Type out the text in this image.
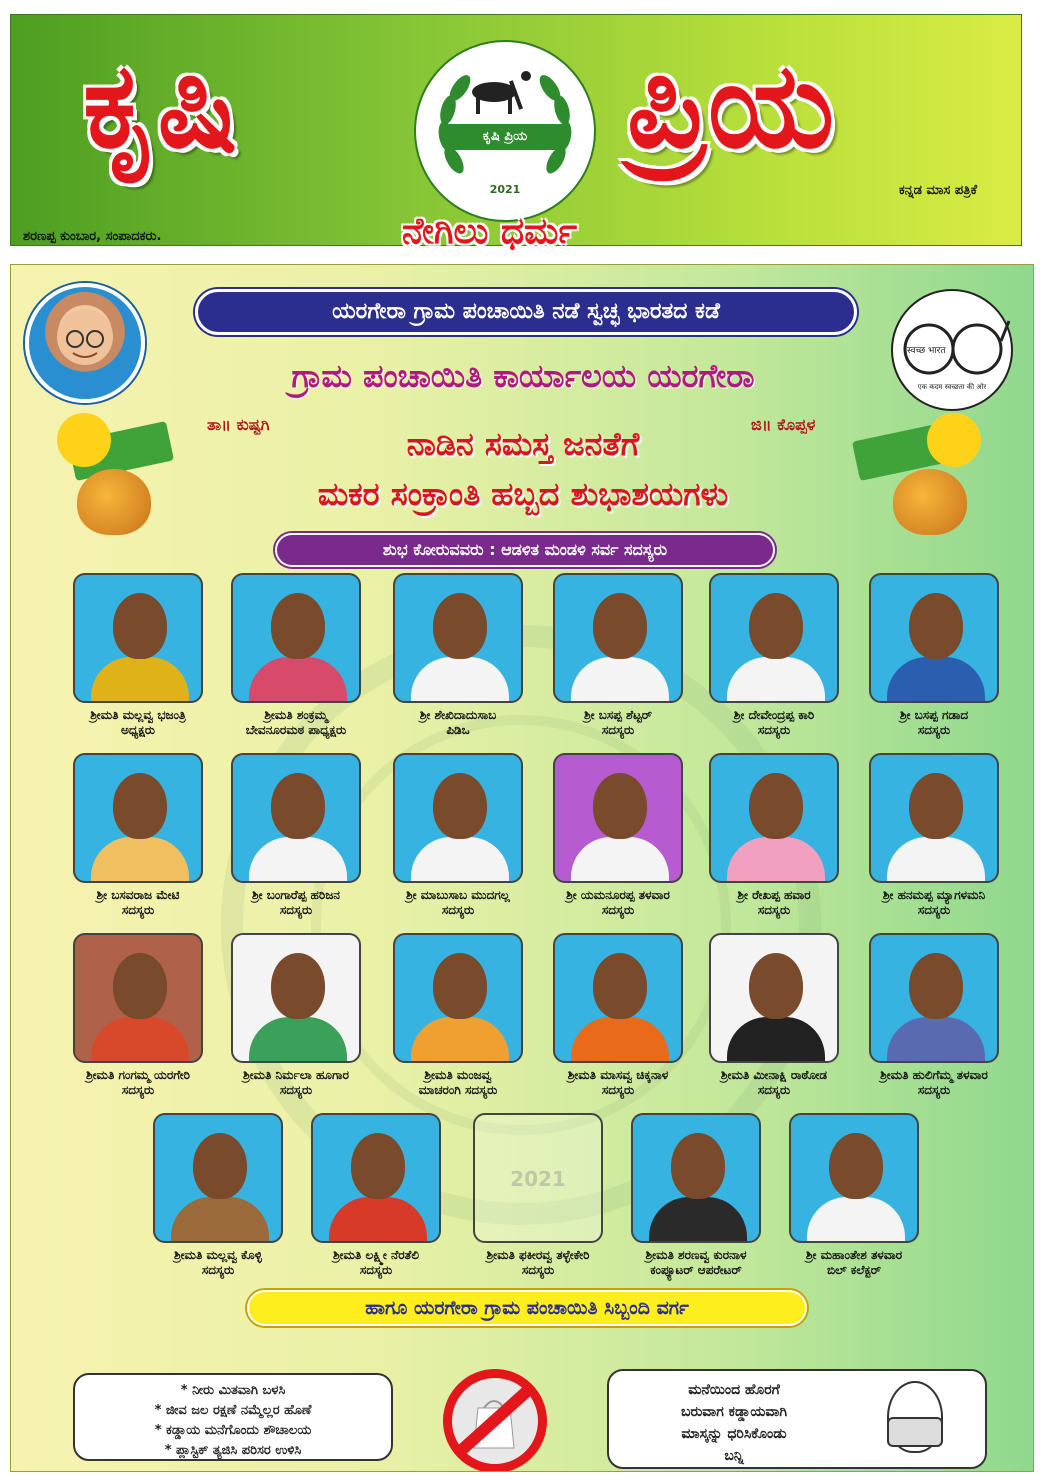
ಕೃಷಿ	ಕೃಷಿ ಪ್ರಿಯ
2021
ಪ್ರಿಯ
ಕನ್ನಡ ಮಾಸ ಪತ್ರಿಕೆ
ಶರಣಪ್ಪ ಕುಂಬಾರ, ಸಂಪಾದಕರು.	ನೇಗಿಲು ಧರ್ಮ
ಯರಗೇರಾ ಗ್ರಾಮ ಪಂಚಾಯಿತಿ ನಡೆ ಸ್ವಚ್ಛ ಭಾರತದ ಕಡೆ
स्वच्छ भारत
एक कदम स्वच्छता की ओर
ಗ್ರಾಮ ಪಂಚಾಯಿತಿ ಕಾರ್ಯಾಲಯ ಯರಗೇರಾ
ತಾ॥ ಕುಷ್ಟಗಿ	ಜಿ॥ ಕೊಪ್ಪಳ
ನಾಡಿನ ಸಮಸ್ತ ಜನತೆಗೆ
ಮಕರ ಸಂಕ್ರಾಂತಿ ಹಬ್ಬದ ಶುಭಾಶಯಗಳು
ಶುಭ ಕೋರುವವರು : ಆಡಳಿತ ಮಂಡಳಿ ಸರ್ವ ಸದಸ್ಯರು
ಶ್ರೀಮತಿ ಮಲ್ಲವ್ವ ಭಜಂತ್ರಿ
ಅಧ್ಯಕ್ಷರು
ಶ್ರೀಮತಿ ಶಂಕ್ರಮ್ಮ
ಬೇವನೂರಮಠ ಪಾಧ್ಯಕ್ಷರು
ಶ್ರೀ ಶೇಖಿದಾದುಸಾಬ
ಪಿಡಿಒ
ಶ್ರೀ ಬಸಪ್ಪ ಶೆಟ್ಟರ್
ಸದಸ್ಯರು
ಶ್ರೀ ದೇವೇಂದ್ರಪ್ಪ ಕಾರಿ
ಸದಸ್ಯರು
ಶ್ರೀ ಬಸಪ್ಪ ಗಡಾದ
ಸದಸ್ಯರು
ಶ್ರೀ ಬಸವರಾಜ ಮೇಟಿ
ಸದಸ್ಯರು
ಶ್ರೀ ಬಂಗಾರೆಪ್ಪ ಹರಿಜನ
ಸದಸ್ಯರು
ಶ್ರೀ ಮಾಬುಸಾಬ ಮುದಗಲ್ಲ
ಸದಸ್ಯರು
ಶ್ರೀ ಯಮನೂರಪ್ಪ ತಳವಾರ
ಸದಸ್ಯರು
ಶ್ರೀ ರೇಖಪ್ಪ ಹವಾರ
ಸದಸ್ಯರು
ಶ್ರೀ ಹನಮಪ್ಪ ಮ್ಯಾಗಳಮನಿ
ಸದಸ್ಯರು
ಶ್ರೀಮತಿ ಗಂಗಮ್ಮ ಯರಗೇರಿ
ಸದಸ್ಯರು
ಶ್ರೀಮತಿ ನಿರ್ಮಲಾ ಹೂಗಾರ
ಸದಸ್ಯರು
ಶ್ರೀಮತಿ ಮಂಜವ್ವ
ಮಾಚರಂಗಿ ಸದಸ್ಯರು
ಶ್ರೀಮತಿ ಮಾಸವ್ವ ಚಿಕ್ಕನಾಳ
ಸದಸ್ಯರು
ಶ್ರೀಮತಿ ಮೀನಾಕ್ಷಿ ರಾಠೋಡ
ಸದಸ್ಯರು
ಶ್ರೀಮತಿ ಹುಲಿಗೆಮ್ಮ ತಳವಾರ
ಸದಸ್ಯರು
ಶ್ರೀಮತಿ ಮಲ್ಲವ್ವ ಕೊಳ್ಳಿ
ಸದಸ್ಯರು
ಶ್ರೀಮತಿ ಲಕ್ಷ್ಮೀ ನೆರತೆಲಿ
ಸದಸ್ಯರು
2021
ಶ್ರೀಮತಿ ಫಕೀರವ್ವ ತಳ್ಳೇಕೇರಿ
ಸದಸ್ಯರು
ಶ್ರೀಮತಿ ಶರಣವ್ವ ಕುರನಾಳ
ಕಂಪ್ಯೂಟರ್ ಆಪರೇಟರ್
ಶ್ರೀ ಮಹಾಂತೇಶ ತಳವಾರ
ಬಿಲ್ ಕಲೆಕ್ಟರ್
ಹಾಗೂ ಯರಗೇರಾ ಗ್ರಾಮ ಪಂಚಾಯಿತಿ ಸಿಬ್ಬಂದಿ ವರ್ಗ
* ನೀರು ಮಿತವಾಗಿ ಬಳಸಿ
* ಜೀವ ಜಲ ರಕ್ಷಣೆ ನಮ್ಮೆಲ್ಲರ ಹೊಣೆ
* ಕಡ್ಡಾಯ ಮನೆಗೊಂದು ಶೌಚಾಲಯ
* ಪ್ಲಾಸ್ಟಿಕ್ ತ್ಯಜಿಸಿ ಪರಿಸರ ಉಳಿಸಿ
ಮನೆಯಿಂದ ಹೊರಗೆ
ಬರುವಾಗ ಕಡ್ಡಾಯವಾಗಿ
ಮಾಸ್ಕನ್ನು ಧರಿಸಿಕೊಂಡು
ಬನ್ನಿ
